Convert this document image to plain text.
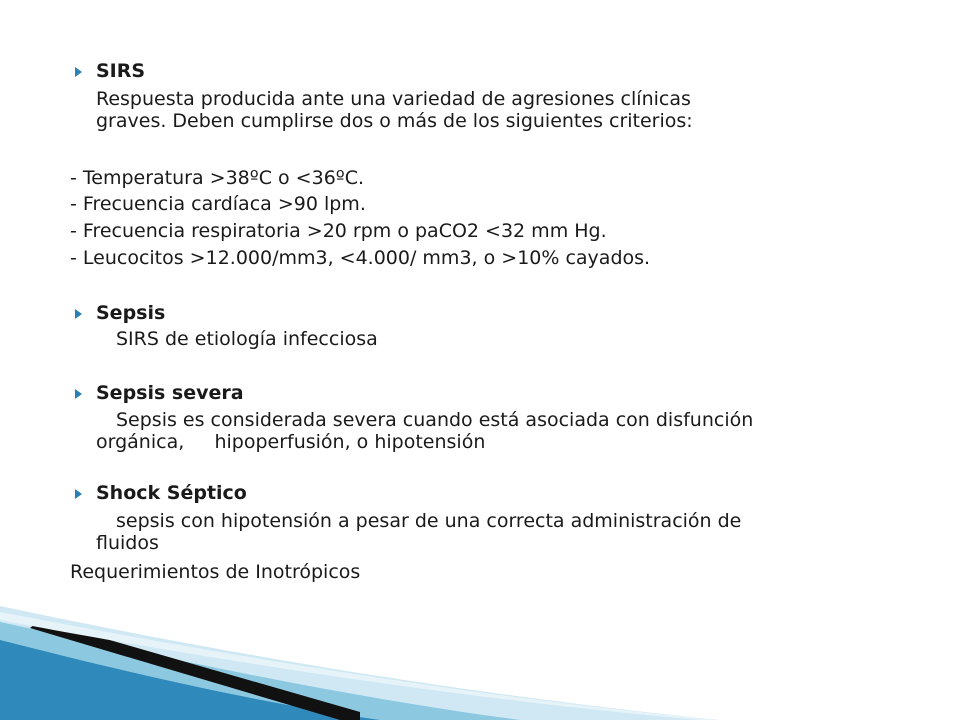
SIRS
Respuesta producida ante una variedad de agresiones clínicas
graves. Deben cumplirse dos o más de los siguientes criterios:
- Temperatura >38ºC o <36ºC.
- Frecuencia cardíaca >90 lpm.
- Frecuencia respiratoria >20 rpm o paCO2 <32 mm Hg.
- Leucocitos >12.000/mm3, <4.000/ mm3, o >10% cayados.
Sepsis
SIRS de etiología infecciosa
Sepsis severa
Sepsis es considerada severa cuando está asociada con disfunción
orgánica,     hipoperfusión, o hipotensión
Shock Séptico
sepsis con hipotensión a pesar de una correcta administración de
fluidos
Requerimientos de Inotrópicos
